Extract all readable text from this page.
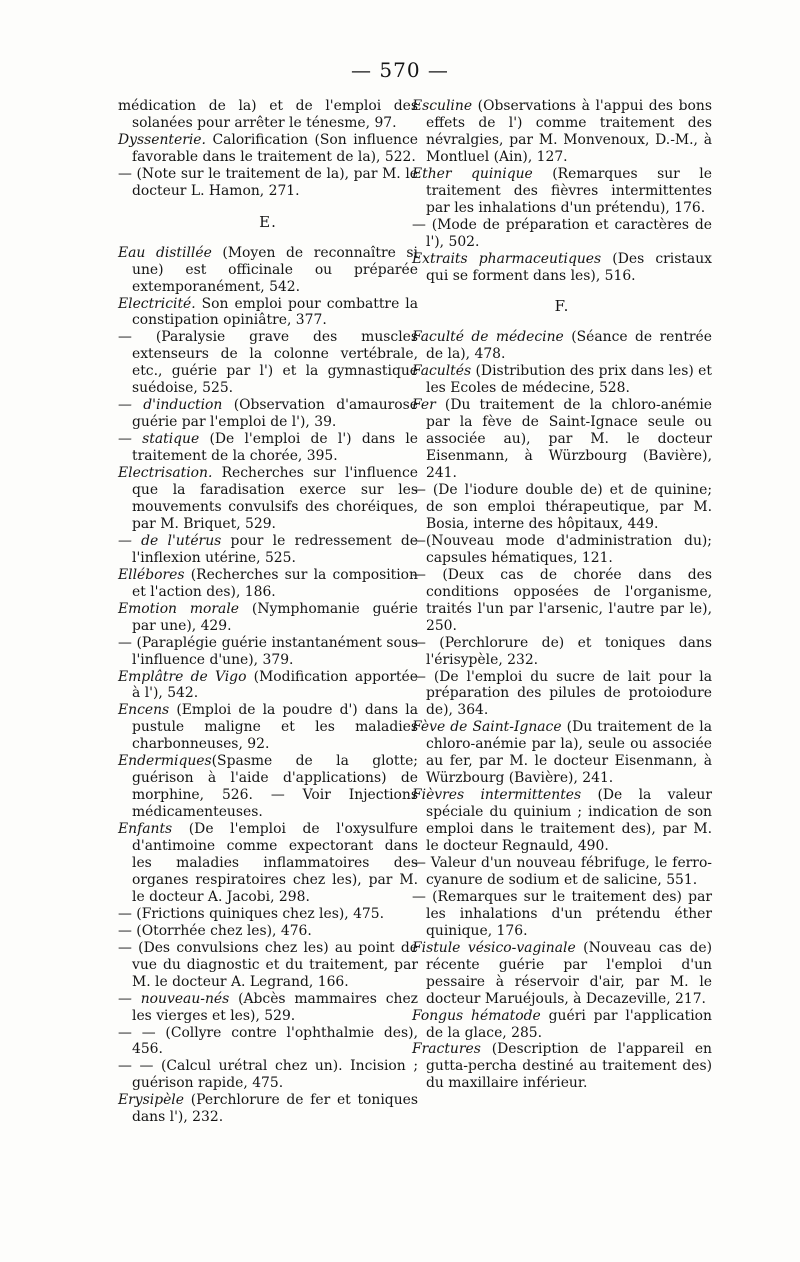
— 570 —

médication de la) et de l'emploi des solanées pour arrêter le ténesme, 97.

Dyssenterie. Calorification (Son influence favorable dans le traitement de la), 522.

— (Note sur le traitement de la), par M. le docteur L. Hamon, 271.

E.

Eau distillée (Moyen de reconnaître si une) est officinale ou préparée extemporanément, 542.

Electricité. Son emploi pour combattre la constipation opiniâtre, 377.

— (Paralysie grave des muscles extenseurs de la colonne vertébrale, etc., guérie par l') et la gymnastique suédoise, 525.

— d'induction (Observation d'amaurose guérie par l'emploi de l'), 39.

— statique (De l'emploi de l') dans le traitement de la chorée, 395.

Electrisation. Recherches sur l'influence que la faradisation exerce sur les mouvements convulsifs des choréiques, par M. Briquet, 529.

— de l'utérus pour le redressement de l'inflexion utérine, 525.

Ellébores (Recherches sur la composition et l'action des), 186.

Emotion morale (Nymphomanie guérie par une), 429.

— (Paraplégie guérie instantanément sous l'influence d'une), 379.

Emplâtre de Vigo (Modification apportée à l'), 542.

Encens (Emploi de la poudre d') dans la pustule maligne et les maladies charbonneuses, 92.

Endermiques(Spasme de la glotte; guérison à l'aide d'applications) de morphine, 526. — Voir Injections médicamenteuses.

Enfants (De l'emploi de l'oxysulfure d'antimoine comme expectorant dans les maladies inflammatoires des organes respiratoires chez les), par M. le docteur A. Jacobi, 298.

— (Frictions quiniques chez les), 475.

— (Otorrhée chez les), 476.

— (Des convulsions chez les) au point de vue du diagnostic et du traitement, par M. le docteur A. Legrand, 166.

— nouveau-nés (Abcès mammaires chez les vierges et les), 529.

— — (Collyre contre l'ophthalmie des), 456.

— — (Calcul urétral chez un). Incision ; guérison rapide, 475.

Erysipèle (Perchlorure de fer et toniques dans l'), 232.

Esculine (Observations à l'appui des bons effets de l') comme traitement des névralgies, par M. Monvenoux, D.-M., à Montluel (Ain), 127.

Ether quinique (Remarques sur le traitement des fièvres intermittentes par les inhalations d'un prétendu), 176.

— (Mode de préparation et caractères de l'), 502.

Extraits pharmaceutiques (Des cristaux qui se forment dans les), 516.

F.

Faculté de médecine (Séance de rentrée de la), 478.

Facultés (Distribution des prix dans les) et les Ecoles de médecine, 528.

Fer (Du traitement de la chloro-anémie par la fève de Saint-Ignace seule ou associée au), par M. le docteur Eisenmann, à Würzbourg (Bavière), 241.

— (De l'iodure double de) et de quinine; de son emploi thérapeutique, par M. Bosia, interne des hôpitaux, 449.

—(Nouveau mode d'administration du); capsules hématiques, 121.

— (Deux cas de chorée dans des conditions opposées de l'organisme, traités l'un par l'arsenic, l'autre par le), 250.

— (Perchlorure de) et toniques dans l'érisypèle, 232.

— (De l'emploi du sucre de lait pour la préparation des pilules de protoiodure de), 364.

Fève de Saint-Ignace (Du traitement de la chloro-anémie par la), seule ou associée au fer, par M. le docteur Eisenmann, à Würzbourg (Bavière), 241.

Fièvres intermittentes (De la valeur spéciale du quinium ; indication de son emploi dans le traitement des), par M. le docteur Regnauld, 490.

— Valeur d'un nouveau fébrifuge, le ferro-cyanure de sodium et de salicine, 551.

— (Remarques sur le traitement des) par les inhalations d'un prétendu éther quinique, 176.

Fistule vésico-vaginale (Nouveau cas de) récente guérie par l'emploi d'un pessaire à réservoir d'air, par M. le docteur Maruéjouls, à Decazeville, 217.

Fongus hématode guéri par l'application de la glace, 285.

Fractures (Description de l'appareil en gutta-percha destiné au traitement des) du maxillaire inférieur.
